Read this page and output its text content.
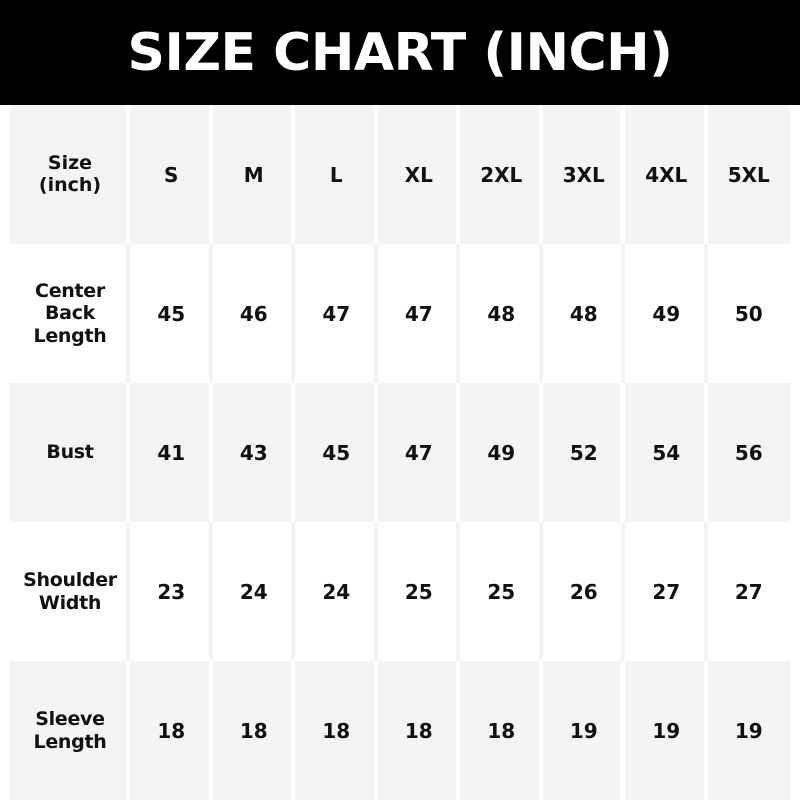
SIZE CHART (INCH)
Size
(inch)	S	M	L	XL	2XL	3XL	4XL	5XL

Center
Back
Length	45	46	47	47	48	48	49	50

Bust	41	43	45	47	49	52	54	56

Shoulder
Width	23	24	24	25	25	26	27	27

Sleeve
Length	18	18	18	18	18	19	19	19
